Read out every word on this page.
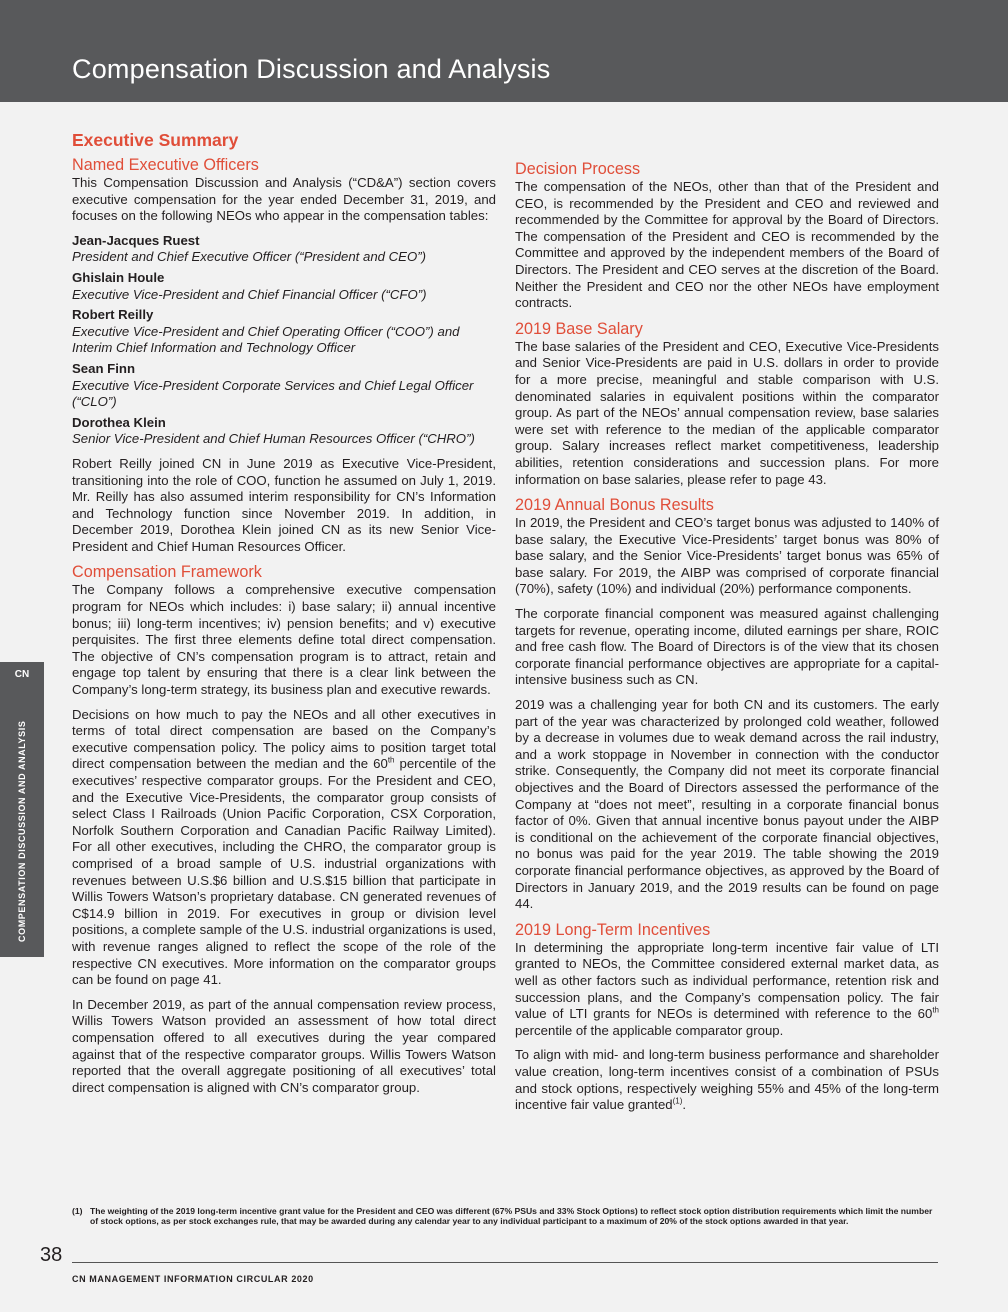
Compensation Discussion and Analysis
CN
COMPENSATION DISCUSSION AND ANALYSIS
Executive Summary
Named Executive Officers

This Compensation Discussion and Analysis (“CD&A”) section covers executive compensation for the year ended December 31, 2019, and focuses on the following NEOs who appear in the compensation tables:

Jean-Jacques Ruest
President and Chief Executive Officer (“President and CEO”)
Ghislain Houle
Executive Vice-President and Chief Financial Officer (“CFO”)
Robert Reilly
Executive Vice-President and Chief Operating Officer (“COO”) and Interim Chief Information and Technology Officer
Sean Finn
Executive Vice-President Corporate Services and Chief Legal Officer (“CLO”)
Dorothea Klein
Senior Vice-President and Chief Human Resources Officer (“CHRO”)

Robert Reilly joined CN in June 2019 as Executive Vice-President, transitioning into the role of COO, function he assumed on July 1, 2019. Mr. Reilly has also assumed interim responsibility for CN’s Information and Technology function since November 2019. In addition, in December 2019, Dorothea Klein joined CN as its new Senior Vice-President and Chief Human Resources Officer.

Compensation Framework

The Company follows a comprehensive executive compensation program for NEOs which includes: i) base salary; ii) annual incentive bonus; iii) long-term incentives; iv) pension benefits; and v) executive perquisites. The first three elements define total direct compensation. The objective of CN’s compensation program is to attract, retain and engage top talent by ensuring that there is a clear link between the Company’s long-term strategy, its business plan and executive rewards.

Decisions on how much to pay the NEOs and all other executives in terms of total direct compensation are based on the Company’s executive compensation policy. The policy aims to position target total direct compensation between the median and the 60th percentile of the executives’ respective comparator groups. For the President and CEO, and the Executive Vice-Presidents, the comparator group consists of select Class I Railroads (Union Pacific Corporation, CSX Corporation, Norfolk Southern Corporation and Canadian Pacific Railway Limited). For all other executives, including the CHRO, the comparator group is comprised of a broad sample of U.S. industrial organizations with revenues between U.S.$6 billion and U.S.$15 billion that participate in Willis Towers Watson’s proprietary database. CN generated revenues of C$14.9 billion in 2019. For executives in group or division level positions, a complete sample of the U.S. industrial organizations is used, with revenue ranges aligned to reflect the scope of the role of the respective CN executives. More information on the comparator groups can be found on page 41.

In December 2019, as part of the annual compensation review process, Willis Towers Watson provided an assessment of how total direct compensation offered to all executives during the year compared against that of the respective comparator groups. Willis Towers Watson reported that the overall aggregate positioning of all executives’ total direct compensation is aligned with CN’s comparator group.

Decision Process

The compensation of the NEOs, other than that of the President and CEO, is recommended by the President and CEO and reviewed and recommended by the Committee for approval by the Board of Directors. The compensation of the President and CEO is recommended by the Committee and approved by the independent members of the Board of Directors. The President and CEO serves at the discretion of the Board. Neither the President and CEO nor the other NEOs have employment contracts.

2019 Base Salary

The base salaries of the President and CEO, Executive Vice-Presidents and Senior Vice-Presidents are paid in U.S. dollars in order to provide for a more precise, meaningful and stable comparison with U.S. denominated salaries in equivalent positions within the comparator group. As part of the NEOs’ annual compensation review, base salaries were set with reference to the median of the applicable comparator group. Salary increases reflect market competitiveness, leadership abilities, retention considerations and succession plans. For more information on base salaries, please refer to page 43.

2019 Annual Bonus Results

In 2019, the President and CEO’s target bonus was adjusted to 140% of base salary, the Executive Vice-Presidents’ target bonus was 80% of base salary, and the Senior Vice-Presidents’ target bonus was 65% of base salary. For 2019, the AIBP was comprised of corporate financial (70%), safety (10%) and individual (20%) performance components.

The corporate financial component was measured against challenging targets for revenue, operating income, diluted earnings per share, ROIC and free cash flow. The Board of Directors is of the view that its chosen corporate financial performance objectives are appropriate for a capital-intensive business such as CN.

2019 was a challenging year for both CN and its customers. The early part of the year was characterized by prolonged cold weather, followed by a decrease in volumes due to weak demand across the rail industry, and a work stoppage in November in connection with the conductor strike. Consequently, the Company did not meet its corporate financial objectives and the Board of Directors assessed the performance of the Company at “does not meet”, resulting in a corporate financial bonus factor of 0%. Given that annual incentive bonus payout under the AIBP is conditional on the achievement of the corporate financial objectives, no bonus was paid for the year 2019. The table showing the 2019 corporate financial performance objectives, as approved by the Board of Directors in January 2019, and the 2019 results can be found on page 44.

2019 Long-Term Incentives

In determining the appropriate long-term incentive fair value of LTI granted to NEOs, the Committee considered external market data, as well as other factors such as individual performance, retention risk and succession plans, and the Company’s compensation policy. The fair value of LTI grants for NEOs is determined with reference to the 60th percentile of the applicable comparator group.

To align with mid- and long-term business performance and shareholder value creation, long-term incentives consist of a combination of PSUs and stock options, respectively weighing 55% and 45% of the long-term incentive fair value granted$^{(1)}$.

(1) The weighting of the 2019 long-term incentive grant value for the President and CEO was different (67% PSUs and 33% Stock Options) to reflect stock option distribution requirements which limit the number of stock options, as per stock exchanges rule, that may be awarded during any calendar year to any individual participant to a maximum of 20% of the stock options awarded in that year.
38
CN MANAGEMENT INFORMATION CIRCULAR 2020
